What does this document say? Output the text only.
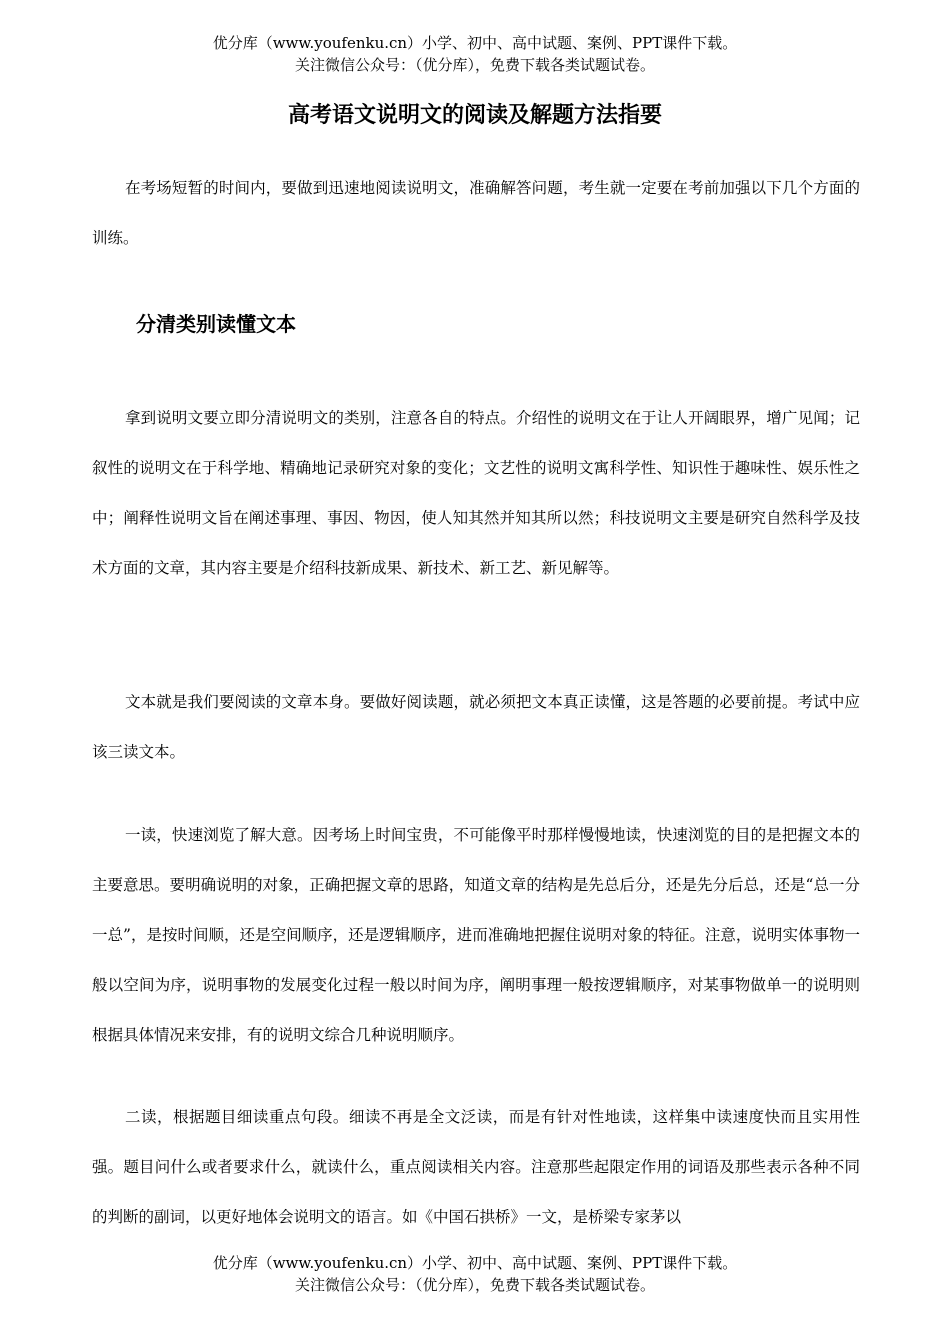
优分库（www.youfenku.cn）小学、初中、高中试题、案例、PPT课件下载。
关注微信公众号：（优分库），免费下载各类试题试卷。
高考语文说明文的阅读及解题方法指要

在考场短暂的时间内，要做到迅速地阅读说明文，准确解答问题，考生就一定要在考前加强以下几个方面的训练。

分清类别读懂文本

拿到说明文要立即分清说明文的类别，注意各自的特点。介绍性的说明文在于让人开阔眼界，增广见闻；记叙性的说明文在于科学地、精确地记录研究对象的变化；文艺性的说明文寓科学性、知识性于趣味性、娱乐性之中；阐释性说明文旨在阐述事理、事因、物因，使人知其然并知其所以然；科技说明文主要是研究自然科学及技术方面的文章，其内容主要是介绍科技新成果、新技术、新工艺、新见解等。

文本就是我们要阅读的文章本身。要做好阅读题，就必须把文本真正读懂，这是答题的必要前提。考试中应该三读文本。

一读，快速浏览了解大意。因考场上时间宝贵，不可能像平时那样慢慢地读，快速浏览的目的是把握文本的主要意思。要明确说明的对象，正确把握文章的思路，知道文章的结构是先总后分，还是先分后总，还是“总一分一总”，是按时间顺，还是空间顺序，还是逻辑顺序，进而准确地把握住说明对象的特征。注意，说明实体事物一般以空间为序，说明事物的发展变化过程一般以时间为序，阐明事理一般按逻辑顺序，对某事物做单一的说明则根据具体情况来安排，有的说明文综合几种说明顺序。

二读，根据题目细读重点句段。细读不再是全文泛读，而是有针对性地读，这样集中读速度快而且实用性强。题目问什么或者要求什么，就读什么，重点阅读相关内容。注意那些起限定作用的词语及那些表示各种不同的判断的副词，以更好地体会说明文的语言。如《中国石拱桥》一文，是桥梁专家茅以

优分库（www.youfenku.cn）小学、初中、高中试题、案例、PPT课件下载。
关注微信公众号：（优分库），免费下载各类试题试卷。
